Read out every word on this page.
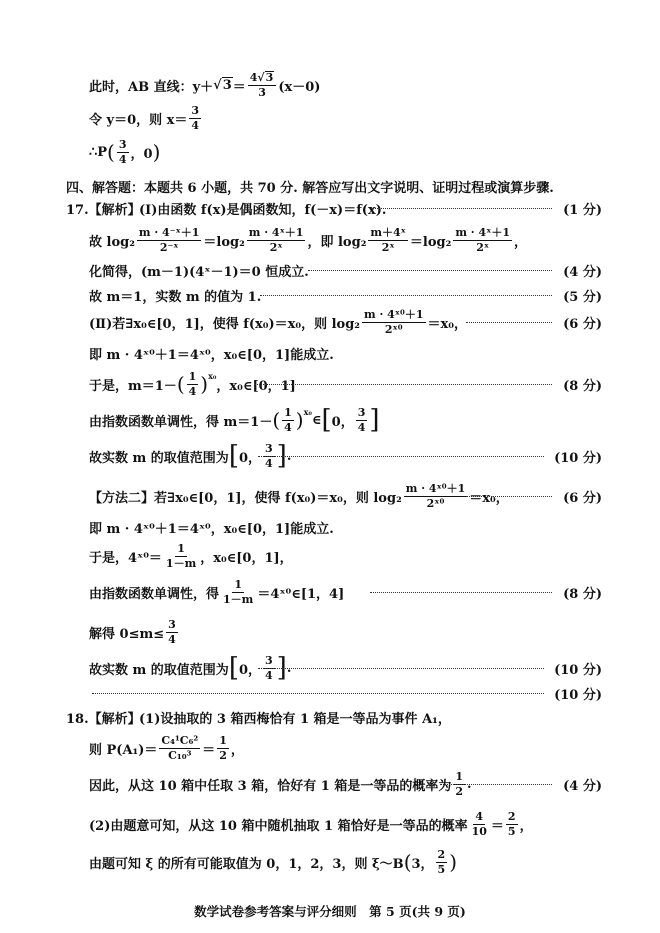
此时，AB 直线：y＋ √ $3 = \frac{4√3}{3} (x-0)$
令 y＝0，则 $x= \frac{3}{4}$
∴P ( $\frac{3}{4}$ ，0 )
四、解答题：本题共 6 小题，共 70 分. 解答应写出文字说明、证明过程或演算步骤.
17.【解析】
(Ⅰ)由函数 f(x)是偶函数知，f(－x)＝f(x).	(1 分)
故 $\log_2 \frac{\text{m · 4⁻ˣ＋1}}{\text{2⁻ˣ}} =\log_2 \frac{\text{m · 4ˣ＋1}}{\text{2ˣ}}$ ，即 $\log_2 \frac{\text{m＋4ˣ}}{\text{2ˣ}} =\log_2 \frac{\text{m · 4ˣ＋1}}{\text{2ˣ}}$ ，
化简得，(m－1)(4ˣ－1)＝0 恒成立.	(4 分)
故 m＝1，实数 m 的值为 1.	(5 分)
(Ⅱ)若∃x₀∈[0，1]，使得 f(x₀)＝x₀，则 $\log_2 \frac{\text{m · 4ˣ⁰＋1}}{\text{2ˣ⁰}} =x_0$，	(6 分)
即 m · 4ˣ⁰＋1＝4ˣ⁰，x₀∈[0，1]能成立.
于是，m＝1－ ( $\frac{1}{4} )^{x_0}$
，x₀∈[0，1]	(8 分)
由指数函数单调性，得 m＝1－ ( $\frac{1}{4} )^{x_0}$
∈ [ 0， $\frac{3}{4}$ ]
故实数 m 的取值范围为 [ 0， $\frac{3}{4}$ ] .	(10 分)
【方法二】 若∃x₀∈[0，1]，使得 f(x₀)＝x₀，则 $\log_2 \frac{\text{m · 4ˣ⁰＋1}}{\text{2ˣ⁰}} =x_0$，	(6 分)
即 m · 4ˣ⁰＋1＝4ˣ⁰，x₀∈[0，1]能成立.
于是，4ˣ⁰＝ $\frac{1}{1-m}$ ，x₀∈[0，1]，
由指数函数单调性，得 $\frac{1}{1-m}$ ＝4ˣ⁰∈[1，4]	(8 分)
解得 $0\le m\le \frac{3}{4}$
故实数 m 的取值范围为 [ 0， $\frac{3}{4}$ ] .	(10 分)
(10 分)
18.【解析】
(1)设抽取的 3 箱西梅恰有 1 箱是一等品为事件 A₁，
则 $P(A_1)= \frac{\text{C₄¹C₆²}}{\text{C₁₀³}} = \frac{1}{2}$ ，
因此，从这 10 箱中任取 3 箱，恰好有 1 箱是一等品的概率为 $\frac{1}{2}$ .	(4 分)
(2)由题意可知，从这 10 箱中随机抽取 1 箱恰好是一等品的概率 $\frac{4}{10} = \frac{2}{5}$ ，
由题可知 ξ 的所有可能取值为 0，1，2，3，则 ξ～B ( 3， $\frac{2}{5}$ )
数学试卷参考答案与评分细则　第 5 页(共 9 页)
